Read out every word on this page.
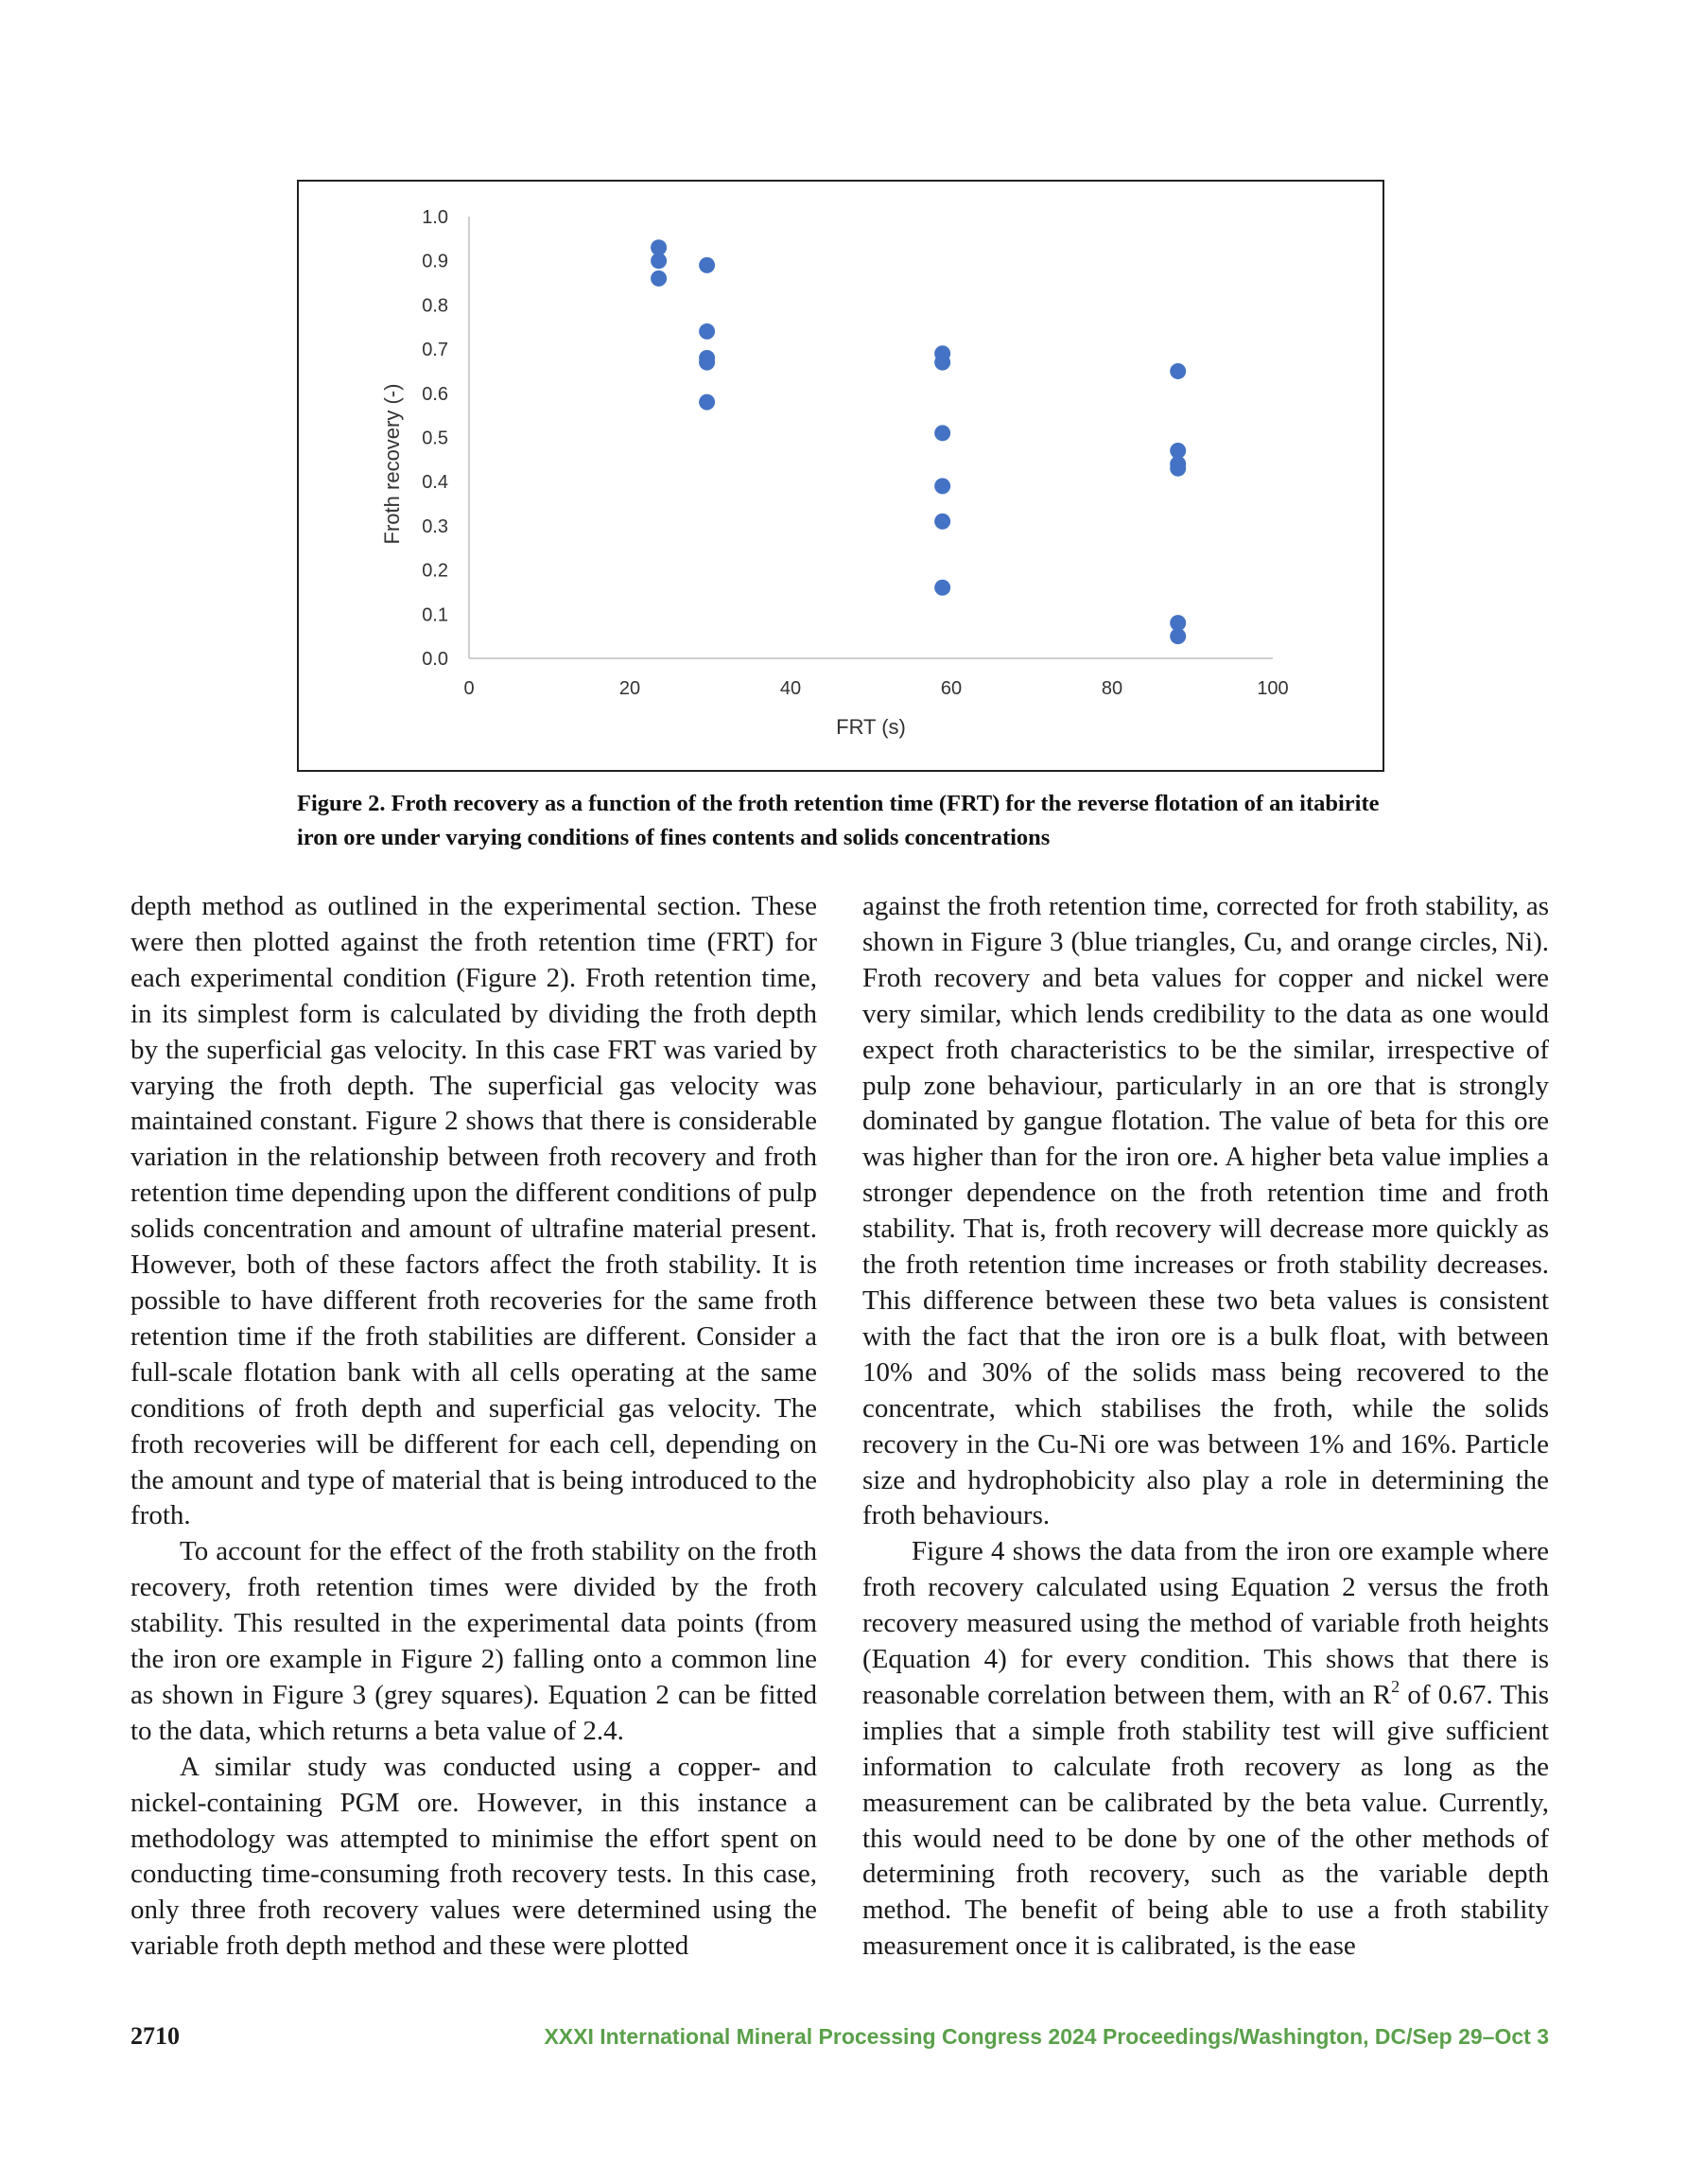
0.0
0.1
0.2
0.3
0.4
0.5
0.6
0.7
0.8
0.9
1.0
0	20	40	60	80	100
FRT (s)
Froth recovery (-)
Figure 2. Froth recovery as a function of the froth retention time (FRT) for the reverse flotation of an itabirite iron ore under varying conditions of fines contents and solids concentrations

depth method as outlined in the experimental section. These were then plotted against the froth retention time (FRT) for each experimental condition (Figure 2). Froth retention time, in its simplest form is calculated by dividing the froth depth by the superficial gas velocity. In this case FRT was varied by varying the froth depth. The superficial gas velocity was maintained constant. Figure 2 shows that there is considerable variation in the relationship between froth recovery and froth retention time depending upon the different conditions of pulp solids concentration and amount of ultrafine material present. However, both of these factors affect the froth stability. It is possible to have different froth recoveries for the same froth retention time if the froth stabilities are different. Consider a full-scale flotation bank with all cells operating at the same conditions of froth depth and superficial gas velocity. The froth recoveries will be different for each cell, depending on the amount and type of material that is being introduced to the froth.

To account for the effect of the froth stability on the froth recovery, froth retention times were divided by the froth stability. This resulted in the experimental data points (from the iron ore example in Figure 2) falling onto a common line as shown in Figure 3 (grey squares). Equation 2 can be fitted to the data, which returns a beta value of 2.4.

A similar study was conducted using a copper- and nickel-containing PGM ore. However, in this instance a methodology was attempted to minimise the effort spent on conducting time-consuming froth recovery tests. In this case, only three froth recovery values were determined using the variable froth depth method and these were plotted

against the froth retention time, corrected for froth stability, as shown in Figure 3 (blue triangles, Cu, and orange circles, Ni). Froth recovery and beta values for copper and nickel were very similar, which lends credibility to the data as one would expect froth characteristics to be the similar, irrespective of pulp zone behaviour, particularly in an ore that is strongly dominated by gangue flotation. The value of beta for this ore was higher than for the iron ore. A higher beta value implies a stronger dependence on the froth retention time and froth stability. That is, froth recovery will decrease more quickly as the froth retention time increases or froth stability decreases. This difference between these two beta values is consistent with the fact that the iron ore is a bulk float, with between 10% and 30% of the solids mass being recovered to the concentrate, which stabilises the froth, while the solids recovery in the Cu-Ni ore was between 1% and 16%. Particle size and hydrophobicity also play a role in determining the froth behaviours.

Figure 4 shows the data from the iron ore example where froth recovery calculated using Equation 2 versus the froth recovery measured using the method of variable froth heights (Equation 4) for every condition. This shows that there is reasonable correlation between them, with an $R^2$ of 0.67. This implies that a simple froth stability test will give sufficient information to calculate froth recovery as long as the measurement can be calibrated by the beta value. Currently, this would need to be done by one of the other methods of determining froth recovery, such as the variable depth method. The benefit of being able to use a froth stability measurement once it is calibrated, is the ease

2710	XXXI International Mineral Processing Congress 2024 Proceedings/Washington, DC/Sep 29–Oct 3
